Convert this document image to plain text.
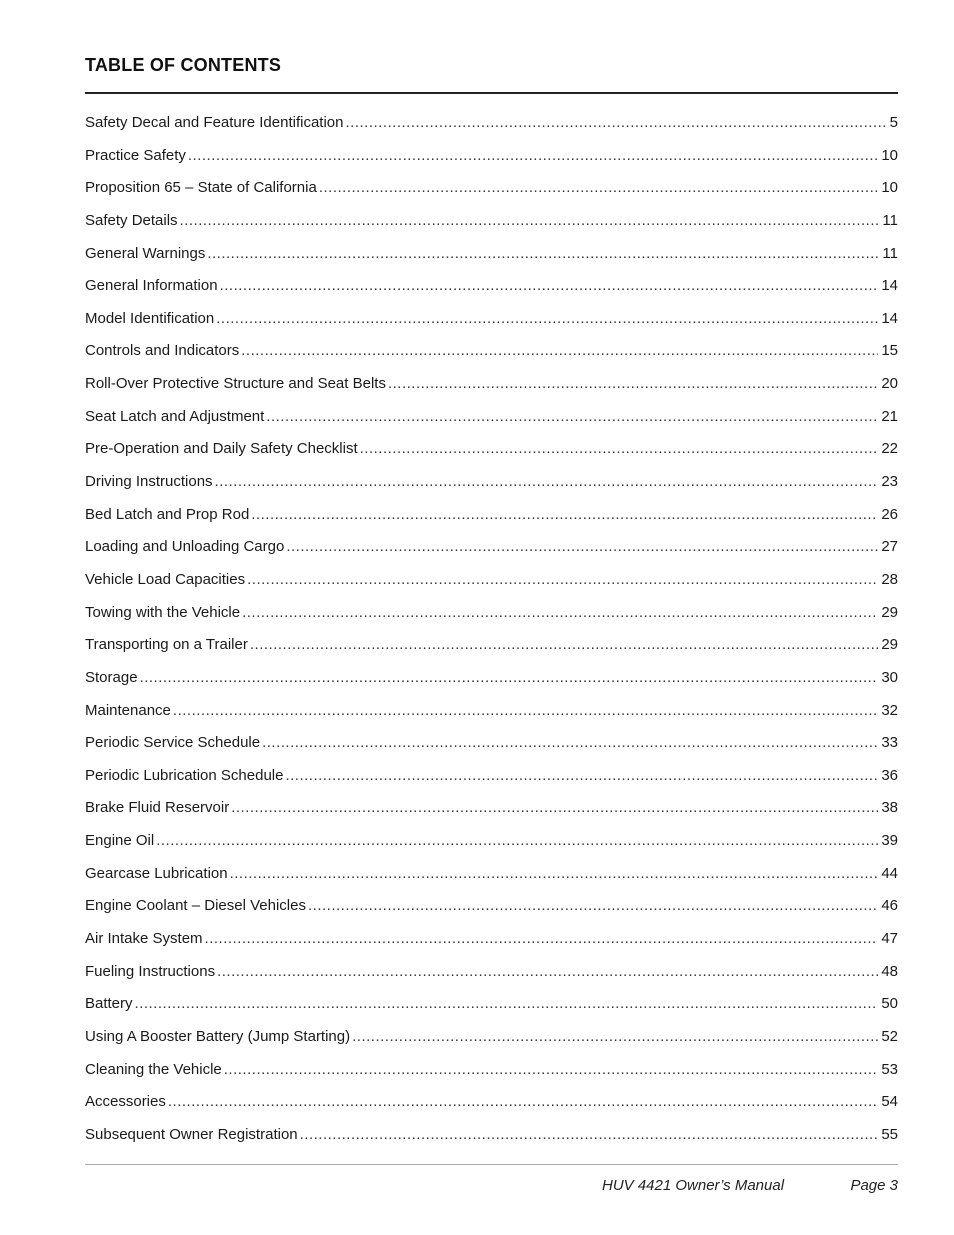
TABLE OF CONTENTS
Safety Decal and Feature Identification .....	5
Practice Safety .....	10
Proposition 65 – State of California .....	10
Safety Details .....	11
General Warnings .....	11
General Information .....	14
Model Identification .....	14
Controls and Indicators .....	15
Roll-Over Protective Structure and Seat Belts .....	20
Seat Latch and Adjustment .....	21
Pre-Operation and Daily Safety Checklist .....	22
Driving Instructions .....	23
Bed Latch and Prop Rod .....	26
Loading and Unloading Cargo .....	27
Vehicle Load Capacities .....	28
Towing with the Vehicle .....	29
Transporting on a Trailer .....	29
Storage .....	30
Maintenance .....	32
Periodic Service Schedule .....	33
Periodic Lubrication Schedule .....	36
Brake Fluid Reservoir .....	38
Engine Oil .....	39
Gearcase Lubrication .....	44
Engine Coolant – Diesel Vehicles .....	46
Air Intake System .....	47
Fueling Instructions .....	48
Battery .....	50
Using A Booster Battery (Jump Starting) .....	52
Cleaning the Vehicle .....	53
Accessories .....	54
Subsequent Owner Registration .....	55
HUV 4421 Owner’s Manual	Page 3
